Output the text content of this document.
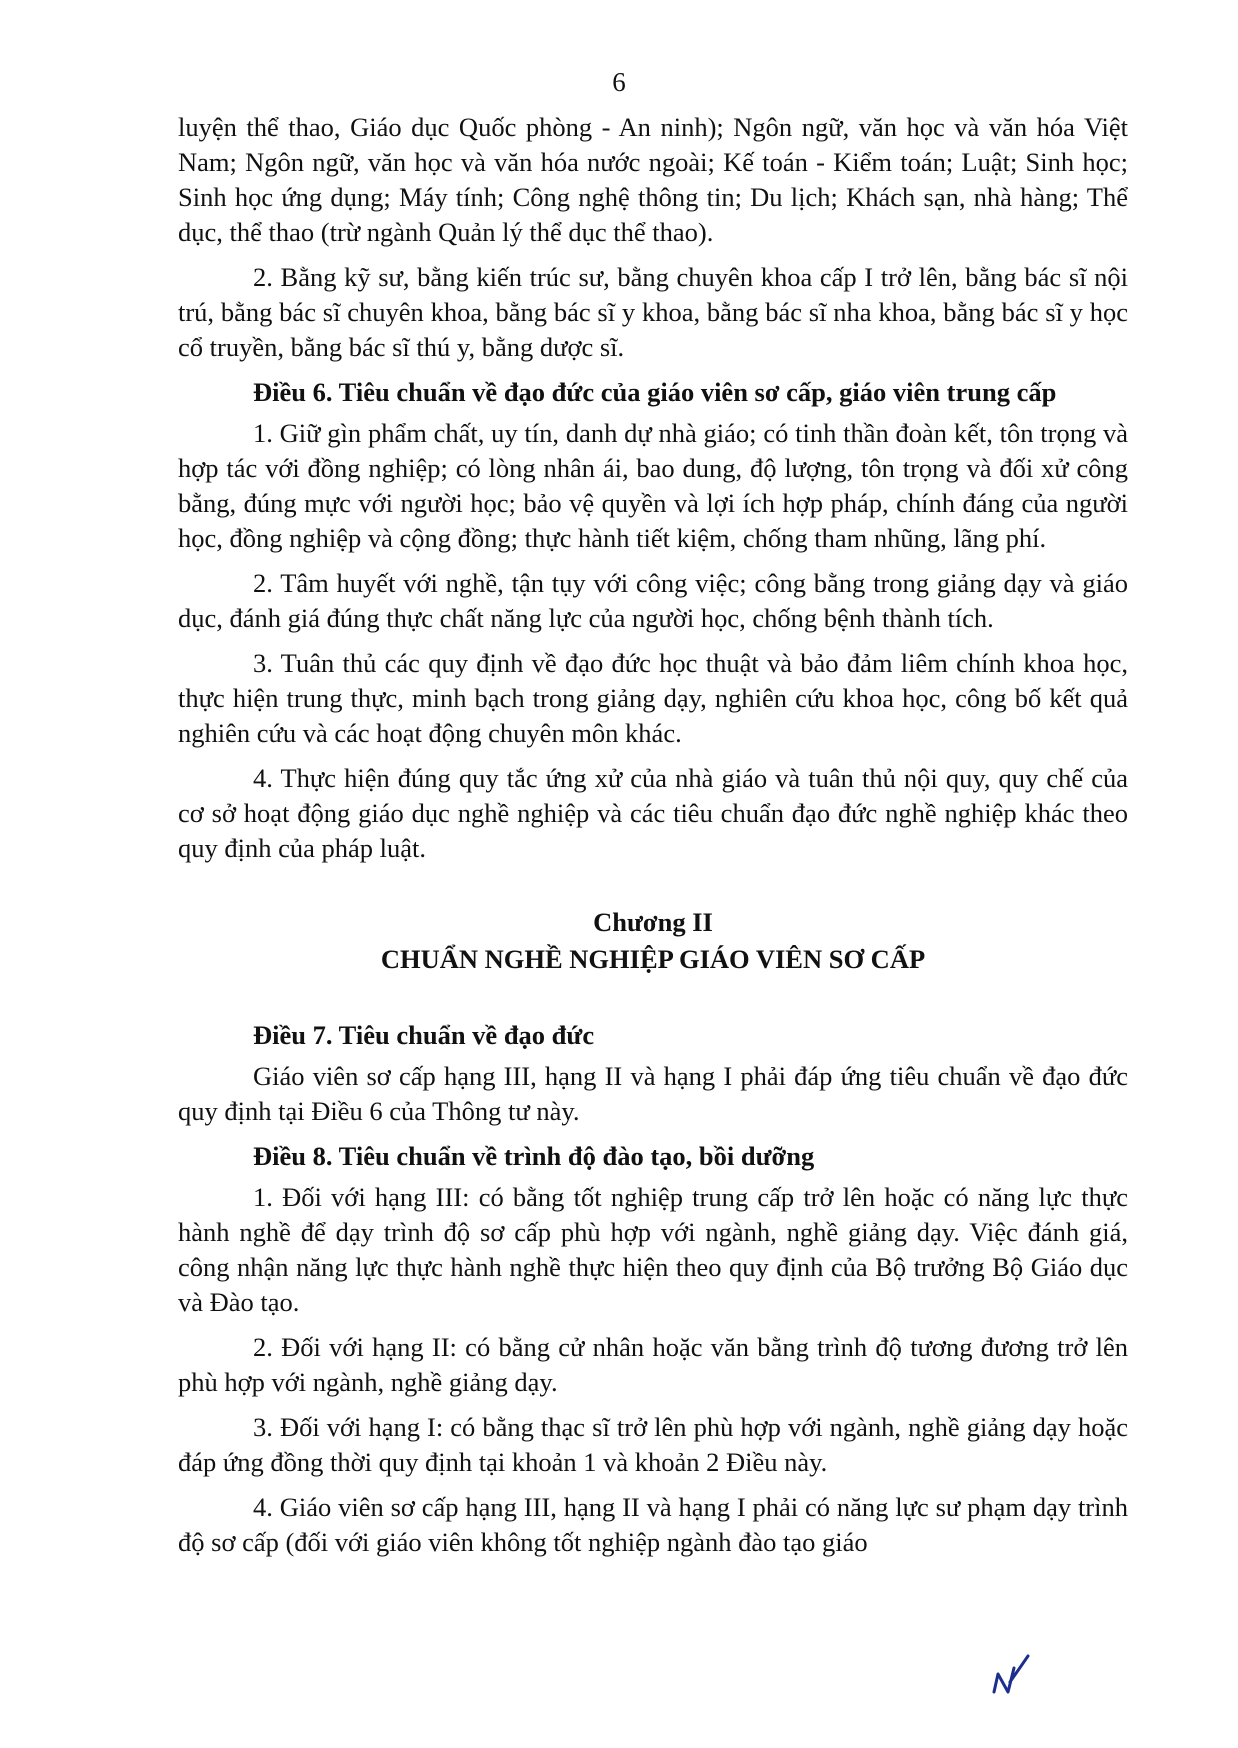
6

luyện thể thao, Giáo dục Quốc phòng - An ninh); Ngôn ngữ, văn học và văn hóa Việt Nam; Ngôn ngữ, văn học và văn hóa nước ngoài; Kế toán - Kiểm toán; Luật; Sinh học; Sinh học ứng dụng; Máy tính; Công nghệ thông tin; Du lịch; Khách sạn, nhà hàng; Thể dục, thể thao (trừ ngành Quản lý thể dục thể thao).

2. Bằng kỹ sư, bằng kiến trúc sư, bằng chuyên khoa cấp I trở lên, bằng bác sĩ nội trú, bằng bác sĩ chuyên khoa, bằng bác sĩ y khoa, bằng bác sĩ nha khoa, bằng bác sĩ y học cổ truyền, bằng bác sĩ thú y, bằng dược sĩ.

Điều 6. Tiêu chuẩn về đạo đức của giáo viên sơ cấp, giáo viên trung cấp

1. Giữ gìn phẩm chất, uy tín, danh dự nhà giáo; có tinh thần đoàn kết, tôn trọng và hợp tác với đồng nghiệp; có lòng nhân ái, bao dung, độ lượng, tôn trọng và đối xử công bằng, đúng mực với người học; bảo vệ quyền và lợi ích hợp pháp, chính đáng của người học, đồng nghiệp và cộng đồng; thực hành tiết kiệm, chống tham nhũng, lãng phí.

2. Tâm huyết với nghề, tận tụy với công việc; công bằng trong giảng dạy và giáo dục, đánh giá đúng thực chất năng lực của người học, chống bệnh thành tích.

3. Tuân thủ các quy định về đạo đức học thuật và bảo đảm liêm chính khoa học, thực hiện trung thực, minh bạch trong giảng dạy, nghiên cứu khoa học, công bố kết quả nghiên cứu và các hoạt động chuyên môn khác.

4. Thực hiện đúng quy tắc ứng xử của nhà giáo và tuân thủ nội quy, quy chế của cơ sở hoạt động giáo dục nghề nghiệp và các tiêu chuẩn đạo đức nghề nghiệp khác theo quy định của pháp luật.

Chương II
CHUẨN NGHỀ NGHIỆP GIÁO VIÊN SƠ CẤP

Điều 7. Tiêu chuẩn về đạo đức

Giáo viên sơ cấp hạng III, hạng II và hạng I phải đáp ứng tiêu chuẩn về đạo đức quy định tại Điều 6 của Thông tư này.

Điều 8. Tiêu chuẩn về trình độ đào tạo, bồi dưỡng

1. Đối với hạng III: có bằng tốt nghiệp trung cấp trở lên hoặc có năng lực thực hành nghề để dạy trình độ sơ cấp phù hợp với ngành, nghề giảng dạy. Việc đánh giá, công nhận năng lực thực hành nghề thực hiện theo quy định của Bộ trưởng Bộ Giáo dục và Đào tạo.

2. Đối với hạng II: có bằng cử nhân hoặc văn bằng trình độ tương đương trở lên phù hợp với ngành, nghề giảng dạy.

3. Đối với hạng I: có bằng thạc sĩ trở lên phù hợp với ngành, nghề giảng dạy hoặc đáp ứng đồng thời quy định tại khoản 1 và khoản 2 Điều này.

4. Giáo viên sơ cấp hạng III, hạng II và hạng I phải có năng lực sư phạm dạy trình độ sơ cấp (đối với giáo viên không tốt nghiệp ngành đào tạo giáo
